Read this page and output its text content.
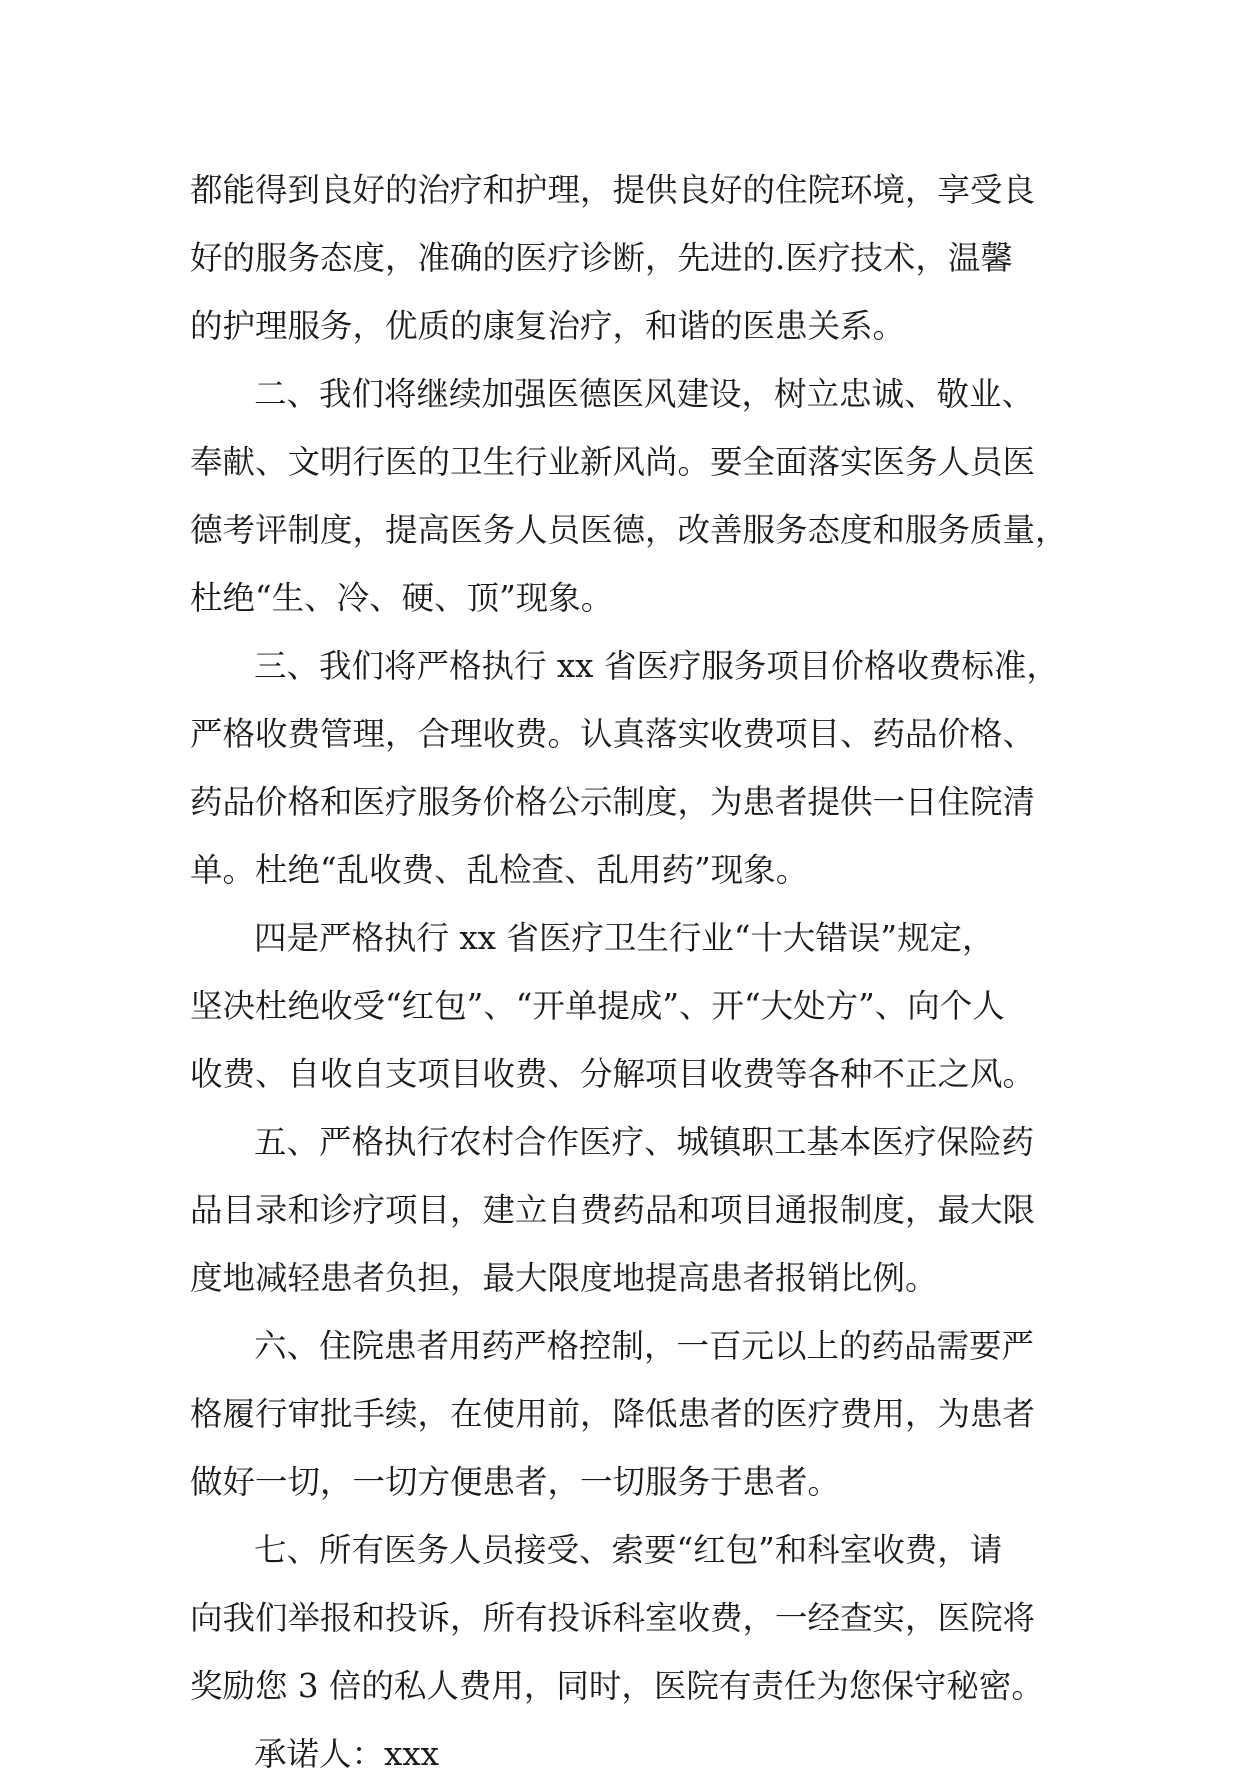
都能得到良好的治疗和护理，提供良好的住院环境，享受良
好的服务态度，准确的医疗诊断，先进的.医疗技术，温馨
的护理服务，优质的康复治疗，和谐的医患关系。
二、我们将继续加强医德医风建设，树立忠诚、敬业、
奉献、文明行医的卫生行业新风尚。要全面落实医务人员医
德考评制度，提高医务人员医德，改善服务态度和服务质量，
杜绝“生、冷、硬、顶”现象。
三、我们将严格执行 xx 省医疗服务项目价格收费标准，
严格收费管理，合理收费。认真落实收费项目、药品价格、
药品价格和医疗服务价格公示制度，为患者提供一日住院清
单。杜绝“乱收费、乱检查、乱用药”现象。
四是严格执行 xx 省医疗卫生行业“十大错误”规定，
坚决杜绝收受“红包”、“开单提成”、开“大处方”、向个人
收费、自收自支项目收费、分解项目收费等各种不正之风。
五、严格执行农村合作医疗、城镇职工基本医疗保险药
品目录和诊疗项目，建立自费药品和项目通报制度，最大限
度地减轻患者负担，最大限度地提高患者报销比例。
六、住院患者用药严格控制，一百元以上的药品需要严
格履行审批手续，在使用前，降低患者的医疗费用，为患者
做好一切，一切方便患者，一切服务于患者。
七、所有医务人员接受、索要“红包”和科室收费，请
向我们举报和投诉，所有投诉科室收费，一经查实，医院将
奖励您 3 倍的私人费用，同时，医院有责任为您保守秘密。
承诺人：xxx
